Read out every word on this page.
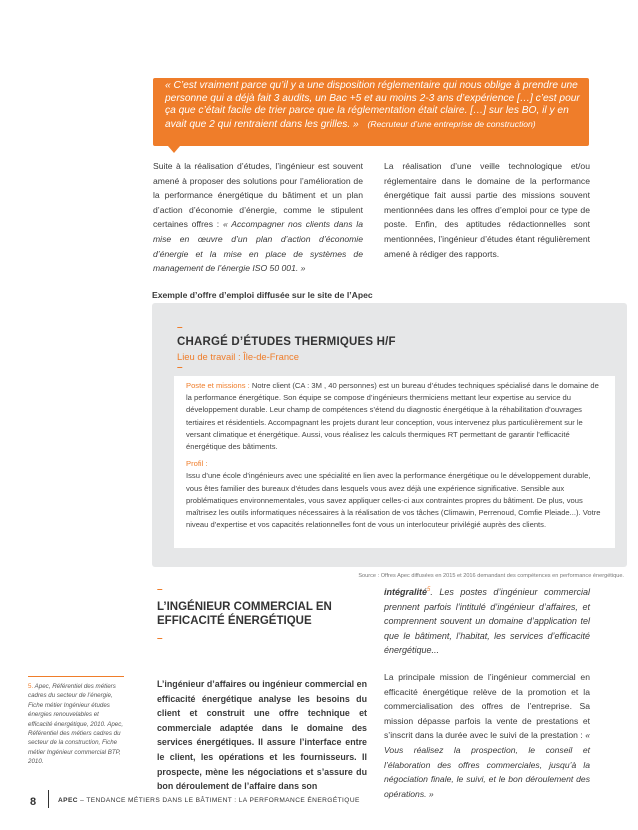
« C’est vraiment parce qu’il y a une disposition réglementaire qui nous oblige à prendre une personne qui a déjà fait 3 audits, un Bac +5 et au moins 2-3 ans d’expérience […] c’est pour ça que c’était facile de trier parce que la réglementation était claire. […] sur les BO, il y en avait que 2 qui rentraient dans les grilles. » (Recruteur d’une entreprise de construction)
Suite à la réalisation d’études, l’ingénieur est souvent amené à proposer des solutions pour l’amélioration de la performance énergétique du bâtiment et un plan d’action d’économie d’énergie, comme le stipulent certaines offres : « Accompagner nos clients dans la mise en œuvre d’un plan d’action d’économie d’énergie et la mise en place de systèmes de management de l’énergie ISO 50 001. »
La réalisation d’une veille technologique et/ou réglementaire dans le domaine de la performance énergétique fait aussi partie des missions souvent mentionnées dans les offres d’emploi pour ce type de poste. Enfin, des aptitudes rédactionnelles sont mentionnées, l’ingénieur d’études étant régulièrement amené à rédiger des rapports.
Exemple d’offre d’emploi diffusée sur le site de l’Apec
–
CHARGÉ D’ÉTUDES THERMIQUES H/F
Lieu de travail : Île-de-France
–
Poste et missions : Notre client (CA : 3M , 40 personnes) est un bureau d’études techniques spécialisé dans le domaine de la performance énergétique. Son équipe se compose d’ingénieurs thermiciens mettant leur expertise au service du développement durable. Leur champ de compétences s’étend du diagnostic énergétique à la réhabilitation d’ouvrages tertiaires et résidentiels. Accompagnant les projets durant leur conception, vous intervenez plus particulièrement sur le versant climatique et énergétique. Aussi, vous réalisez les calculs thermiques RT permettant de garantir l’efficacité énergétique des bâtiments.
Profil :
Issu d’une école d’ingénieurs avec une spécialité en lien avec la performance énergétique ou le développement durable, vous êtes familier des bureaux d’études dans lesquels vous avez déjà une expérience significative. Sensible aux problématiques environnementales, vous savez appliquer celles-ci aux contraintes propres du bâtiment. De plus, vous maîtrisez les outils informatiques nécessaires à la réalisation de vos tâches (Climawin, Perrenoud, Comfie Pleiade...). Votre niveau d’expertise et vos capacités relationnelles font de vous un interlocuteur privilégié auprès des clients.
Source : Offres Apec diffusées en 2015 et 2016 demandant des compétences en performance énergétique.
–
L’INGÉNIEUR COMMERCIAL EN
EFFICACITÉ ÉNERGÉTIQUE
–
L’ingénieur d’affaires ou ingénieur commercial en efficacité énergétique analyse les besoins du client et construit une offre technique et commerciale adaptée dans le domaine des services énergétiques. Il assure l’interface entre le client, les opérations et les fournisseurs. Il prospecte, mène les négociations et s’assure du bon déroulement de l’affaire dans son
intégralité$^5$. Les postes d’ingénieur commercial prennent parfois l’intitulé d’ingénieur d’affaires, et comprennent souvent un domaine d’application tel que le bâtiment, l’habitat, les services d’efficacité énergétique...
La principale mission de l’ingénieur commercial en efficacité énergétique relève de la promotion et la commercialisation des offres de l’entreprise. Sa mission dépasse parfois la vente de prestations et s’inscrit dans la durée avec le suivi de la prestation : « Vous réalisez la prospection, le conseil et l’élaboration des offres commerciales, jusqu’à la négociation finale, le suivi, et le bon déroulement des opérations. »
5. Apec, Référentiel des métiers cadres du secteur de l’énergie, Fiche métier Ingénieur études énergies renouvelables et efficacité énergétique, 2010. Apec, Référentiel des métiers cadres du secteur de la construction, Fiche métier Ingénieur commercial BTP, 2010.
8	APEC – TENDANCE MÉTIERS DANS LE BÂTIMENT : LA PERFORMANCE ÉNERGÉTIQUE
